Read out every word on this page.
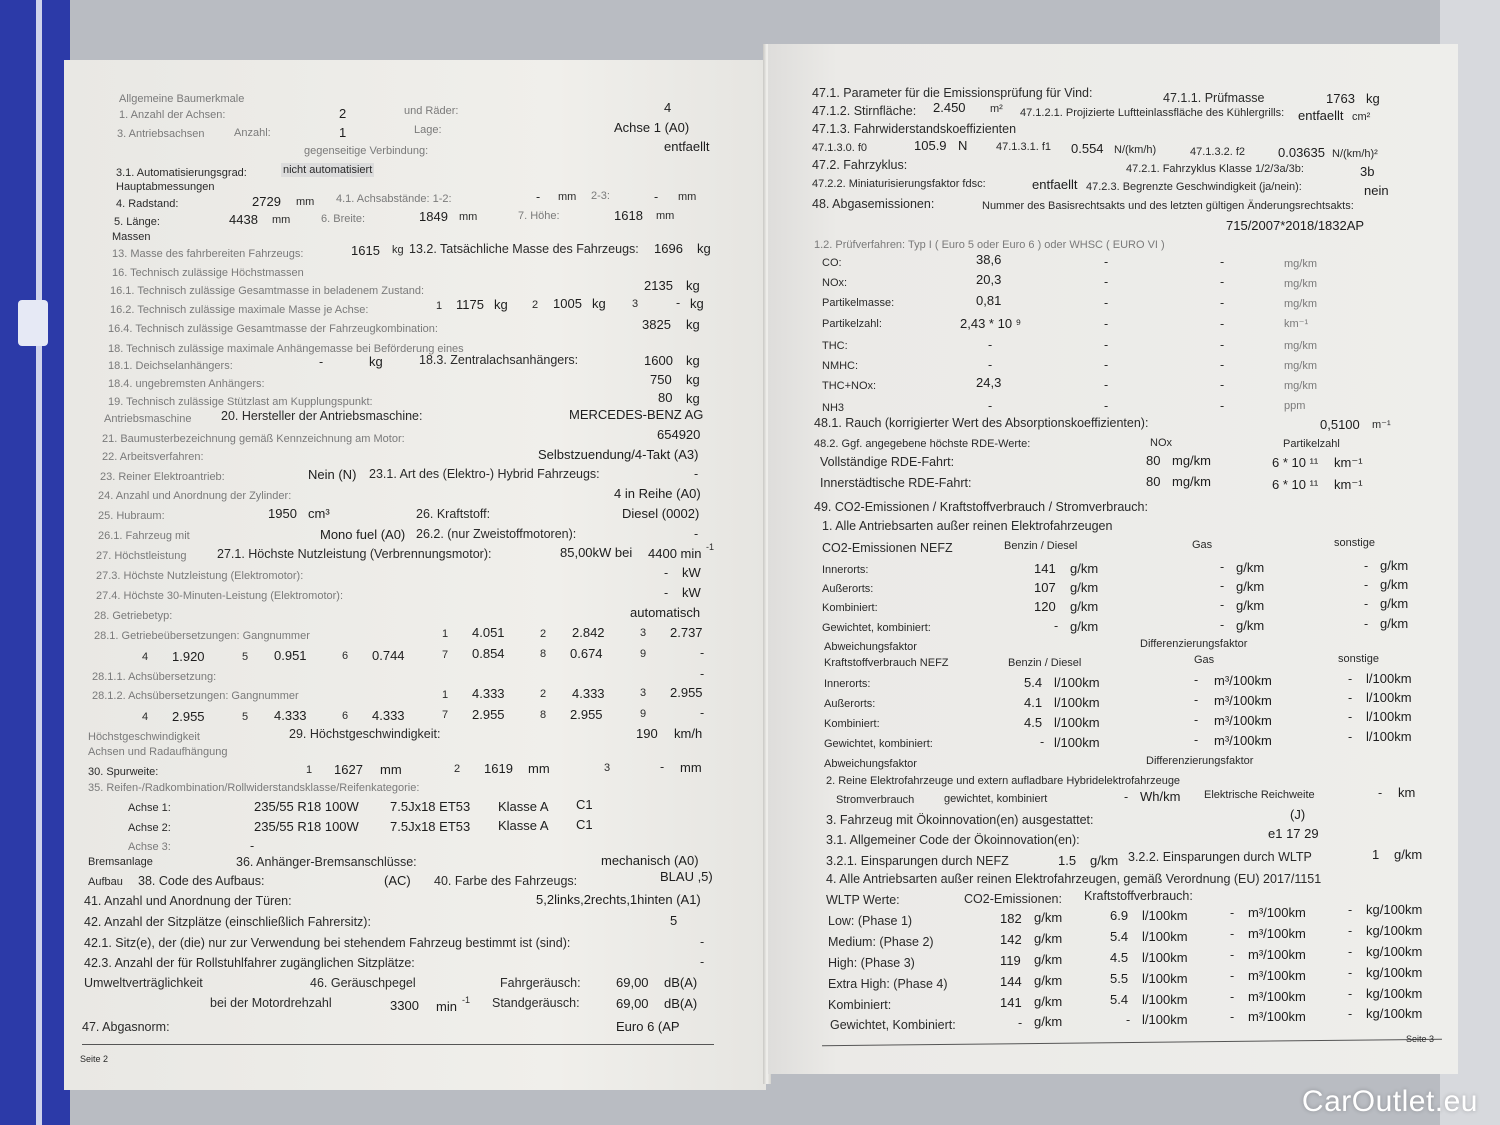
Allgemeine Baumerkmale
1. Anzahl der Achsen:	2	und Räder:	4
3. Antriebsachsen	Anzahl:	1	Lage:	Achse 1 (A0)
gegenseitige Verbindung:	entfaellt
3.1. Automatisierungsgrad:	nicht automatisiert
Hauptabmessungen
4. Radstand:	2729 mm 4.1. Achsabstände: 1-2:	- mm 2-3:	- mm
5. Länge:	4438 mm	6. Breite:	1849 mm	7. Höhe:	1618 mm
Massen
13. Masse des fahrbereiten Fahrzeugs:	1615 kg 13.2. Tatsächliche Masse des Fahrzeugs: 1696 kg
16. Technisch zulässige Höchstmassen
16.1. Technisch zulässige Gesamtmasse in beladenem Zustand:	2135 kg
16.2. Technisch zulässige maximale Masse je Achse:	1 1175 kg 2 1005 kg 3	- kg
16.4. Technisch zulässige Gesamtmasse der Fahrzeugkombination:	3825 kg
18. Technisch zulässige maximale Anhängemasse bei Beförderung eines
18.1. Deichselanhängers:	-	kg	18.3. Zentralachsanhängers:	1600 kg
18.4. ungebremsten Anhängers:	750 kg
19. Technisch zulässige Stützlast am Kupplungspunkt:	80 kg
Antriebsmaschine 20. Hersteller der Antriebsmaschine:	MERCEDES-BENZ AG
21. Baumusterbezeichnung gemäß Kennzeichnung am Motor:	654920
22. Arbeitsverfahren:	Selbstzuendung/4-Takt (A3)
23. Reiner Elektroantrieb:	Nein (N) 23.1. Art des (Elektro-) Hybrid Fahrzeugs:	-
24. Anzahl und Anordnung der Zylinder:	4 in Reihe (A0)
25. Hubraum:	1950 cm³	26. Kraftstoff:	Diesel (0002)
26.1. Fahrzeug mit	Mono fuel (A0) 26.2. (nur Zweistoffmotoren):	-
27. Höchstleistung 27.1. Höchste Nutzleistung (Verbrennungsmotor):	85,00kW bei 4400 min -1
27.3. Höchste Nutzleistung (Elektromotor):	- kW
27.4. Höchste 30-Minuten-Leistung (Elektromotor):	- kW
28. Getriebetyp:	automatisch
28.1. Getriebeübersetzungen: Gangnummer	1 4.051	2 2.842	3 2.737
4 1.920	5 0.951	6 0.744	7 0.854	8 0.674	9	-
28.1.1. Achsübersetzung:	-
28.1.2. Achsübersetzungen: Gangnummer	1 4.333	2 4.333	3 2.955
4 2.955	5 4.333	6 4.333	7 2.955	8 2.955	9	-
Höchstgeschwindigkeit	29. Höchstgeschwindigkeit:	190 km/h
Achsen und Radaufhängung
30. Spurweite:	1 1627 mm	2 1619 mm	3	- mm
35. Reifen-/Radkombination/Rollwiderstandsklasse/Reifenkategorie:
Achse 1:	235/55 R18 100W 7.5Jx18 ET53 Klasse A C1
Achse 2:	235/55 R18 100W 7.5Jx18 ET53 Klasse A C1
Achse 3:	-
Bremsanlage	36. Anhänger-Bremsanschlüsse:	mechanisch (A0)
Aufbau 38. Code des Aufbaus:	(AC) 40. Farbe des Fahrzeugs:	BLAU ,5)
41. Anzahl und Anordnung der Türen:	5,2links,2rechts,1hinten (A1)
42. Anzahl der Sitzplätze (einschließlich Fahrersitz):	5
42.1. Sitz(e), der (die) nur zur Verwendung bei stehendem Fahrzeug bestimmt ist (sind):	-
42.3. Anzahl der für Rollstuhlfahrer zugänglichen Sitzplätze:	-
Umweltverträglichkeit	46. Geräuschpegel	Fahrgeräusch:	69,00 dB(A)
bei der Motordrehzahl	3300 min -1 Standgeräusch:	69,00 dB(A)
47. Abgasnorm:	Euro 6 (AP
Seite 2
47.1. Parameter für die Emissionsprüfung für Vind:	47.1.1. Prüfmasse	1763 kg
47.1.2. Stirnfläche: 2.450 m² 47.1.2.1. Projizierte Luftteinlassfläche des Kühlergrills: entfaellt cm²
47.1.3. Fahrwiderstandskoeffizienten
47.1.3.0. f0	105.9 N	47.1.3.1. f1 0.554 N/(km/h)	47.1.3.2. f2	0.03635 N/(km/h)²
47.2. Fahrzyklus:	47.2.1. Fahrzyklus Klasse 1/2/3a/3b:	3b
47.2.2. Miniaturisierungsfaktor fdsc:	entfaellt 47.2.3. Begrenzte Geschwindigkeit (ja/nein):	nein
48. Abgasemissionen:	Nummer des Basisrechtsakts und des letzten gültigen Änderungsrechtsakts:
715/2007*2018/1832AP
1.2. Prüfverfahren: Typ I ( Euro 5 oder Euro 6 ) oder WHSC ( EURO VI )
CO:	38,6	-	-	mg/km
NOx:	20,3	-	-	mg/km
Partikelmasse:	0,81	-	-	mg/km
Partikelzahl:	2,43 * 10 ⁹	-	-	km⁻¹
THC:	-	-	-	mg/km
NMHC:	-	-	-	mg/km
THC+NOx:	24,3	-	-	mg/km
NH3	-	-	-	ppm
48.1. Rauch (korrigierter Wert des Absorptionskoeffizienten):	0,5100 m⁻¹
48.2. Ggf. angegebene höchste RDE-Werte:	NOx	Partikelzahl
Vollständige RDE-Fahrt:	80 mg/km	6 * 10 ¹¹ km⁻¹
Innerstädtische RDE-Fahrt:	80 mg/km	6 * 10 ¹¹ km⁻¹
49. CO2-Emissionen / Kraftstoffverbrauch / Stromverbrauch:
1. Alle Antriebsarten außer reinen Elektrofahrzeugen
CO2-Emissionen NEFZ	Benzin / Diesel	Gas	sonstige
Innerorts:	141 g/km	- g/km	- g/km
Außerorts:	107 g/km	- g/km	- g/km
Kombiniert:	120 g/km	- g/km	- g/km
Gewichtet, kombiniert:	- g/km	- g/km	- g/km
Abweichungsfaktor	Differenzierungsfaktor
Kraftstoffverbrauch NEFZ	Benzin / Diesel	Gas	sonstige
Innerorts:	5.4 l/100km	- m³/100km	- l/100km
Außerorts:	4.1 l/100km	- m³/100km	- l/100km
Kombiniert:	4.5 l/100km	- m³/100km	- l/100km
Gewichtet, kombiniert:	- l/100km	- m³/100km	- l/100km
Abweichungsfaktor	Differenzierungsfaktor
2. Reine Elektrofahrzeuge und extern aufladbare Hybridelektrofahrzeuge
Stromverbrauch	gewichtet, kombiniert	- Wh/km Elektrische Reichweite	- km
3. Fahrzeug mit Ökoinnovation(en) ausgestattet:	(J)
3.1. Allgemeiner Code der Ökoinnovation(en):	e1 17 29
3.2.1. Einsparungen durch NEFZ	1.5 g/km 3.2.2. Einsparungen durch WLTP	1 g/km
4. Alle Antriebsarten außer reinen Elektrofahrzeugen, gemäß Verordnung (EU) 2017/1151
WLTP Werte:	CO2-Emissionen: Kraftstoffverbrauch:
Low: (Phase 1)	182 g/km	6.9 l/100km	- m³/100km	- kg/100km
Medium: (Phase 2)	142 g/km	5.4 l/100km	- m³/100km	- kg/100km
High: (Phase 3)	119 g/km	4.5 l/100km	- m³/100km	- kg/100km
Extra High: (Phase 4)	144 g/km	5.5 l/100km	- m³/100km	- kg/100km
Kombiniert:	141 g/km	5.4 l/100km	- m³/100km	- kg/100km
Gewichtet, Kombiniert:	- g/km	- l/100km	- m³/100km	- kg/100km
Seite 3
CarOutlet.eu
